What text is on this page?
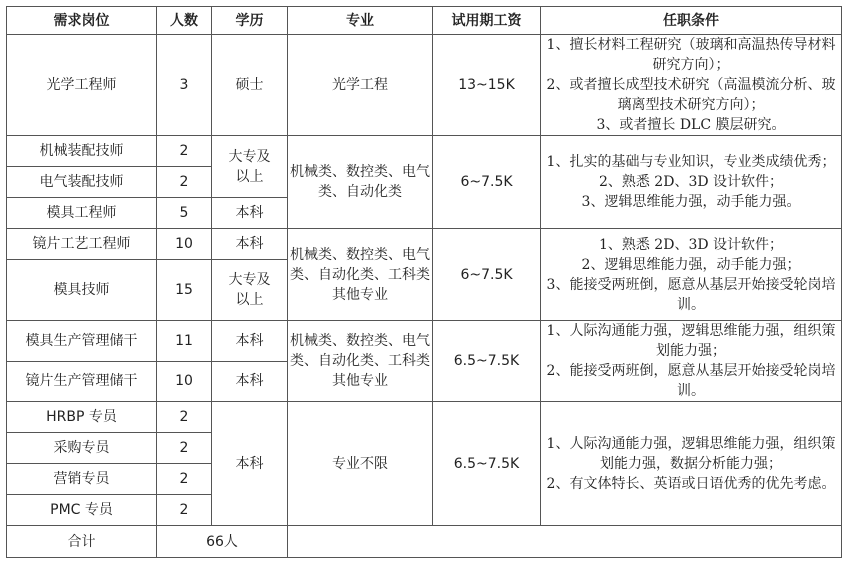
需求岗位	人数	学历	专业	试用期工资	任职条件
光学工程师	3	硕士	光学工程	13~15K	1、擅长材料工程研究（玻璃和高温热传导材料研究方向）；
2、或者擅长成型技术研究（高温模流分析、玻璃离型技术研究方向）；
3、或者擅长 DLC 膜层研究。

机械装配技师	2	大专及以上	机械类、数控类、电气类、自动化类	6~7.5K	1、扎实的基础与专业知识，专业类成绩优秀；
2、熟悉 2D、3D 设计软件；
3、逻辑思维能力强，动手能力强。

电气装配技师	2				
模具工程师	5	本科			
镜片工艺工程师	10	本科	机械类、数控类、电气类、自动化类、工科类其他专业	6~7.5K	1、熟悉 2D、3D 设计软件；
2、逻辑思维能力强，动手能力强；
3、能接受两班倒，愿意从基层开始接受轮岗培训。

模具技师	15	大专及以上			
模具生产管理储干	11	本科	机械类、数控类、电气类、自动化类、工科类其他专业	6.5~7.5K	1、人际沟通能力强，逻辑思维能力强，组织策划能力强；
2、能接受两班倒，愿意从基层开始接受轮岗培训。

镜片生产管理储干	10	本科			
HRBP 专员	2	本科	专业不限	6.5~7.5K	1、人际沟通能力强，逻辑思维能力强，组织策划能力强，数据分析能力强；
2、有文体特长、英语或日语优秀的优先考虑。

采购专员	2				
营销专员	2				
PMC 专员	2				
合计	66人				
